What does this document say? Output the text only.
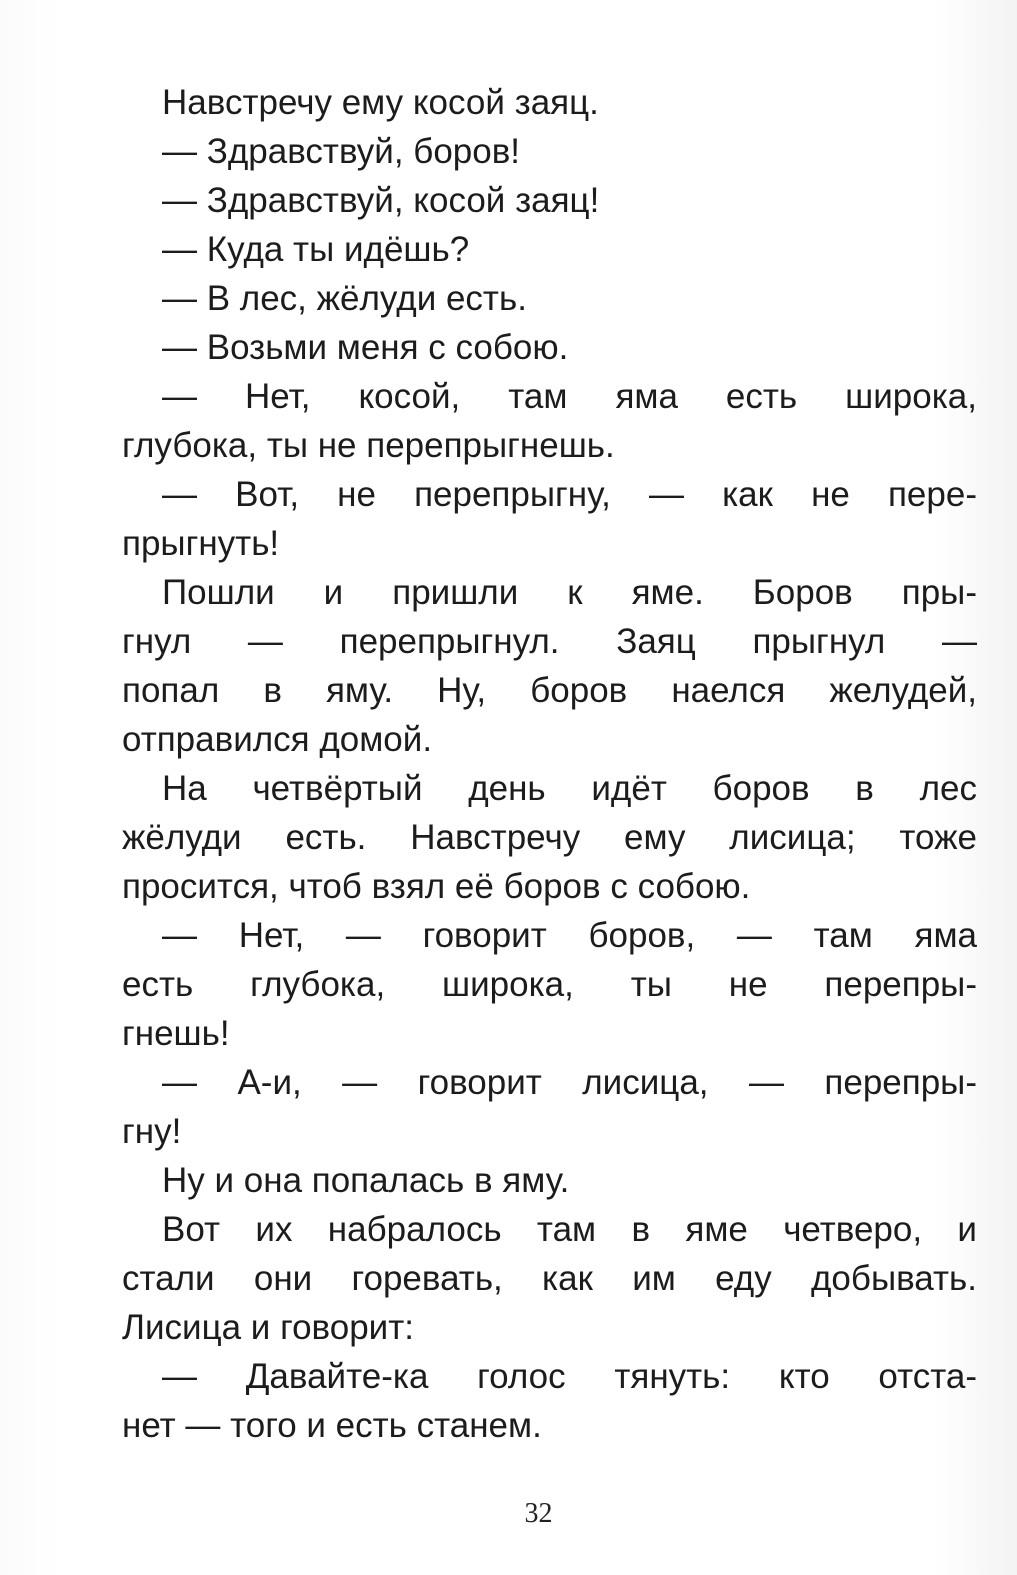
Навстречу ему косой заяц.
— Здравствуй, боров!
— Здравствуй, косой заяц!
— Куда ты идёшь?
— В лес, жёлуди есть.
— Возьми меня с собою.
— Нет, косой, там яма есть широка,
глубока, ты не перепрыгнешь.
— Вот, не перепрыгну, — как не пере-
прыгнуть!
Пошли и пришли к яме. Боров пры-
гнул — перепрыгнул. Заяц прыгнул —
попал в яму. Ну, боров наелся желудей,
отправился домой.
На четвёртый день идёт боров в лес
жёлуди есть. Навстречу ему лисица; тоже
просится, чтоб взял её боров с собою.
— Нет, — говорит боров, — там яма
есть глубока, широка, ты не перепры-
гнешь!
— А-и, — говорит лисица, — перепры-
гну!
Ну и она попалась в яму.
Вот их набралось там в яме четверо, и
стали они горевать, как им еду добывать.
Лисица и говорит:
— Давайте-ка голос тянуть: кто отста-
нет — того и есть станем.
32
